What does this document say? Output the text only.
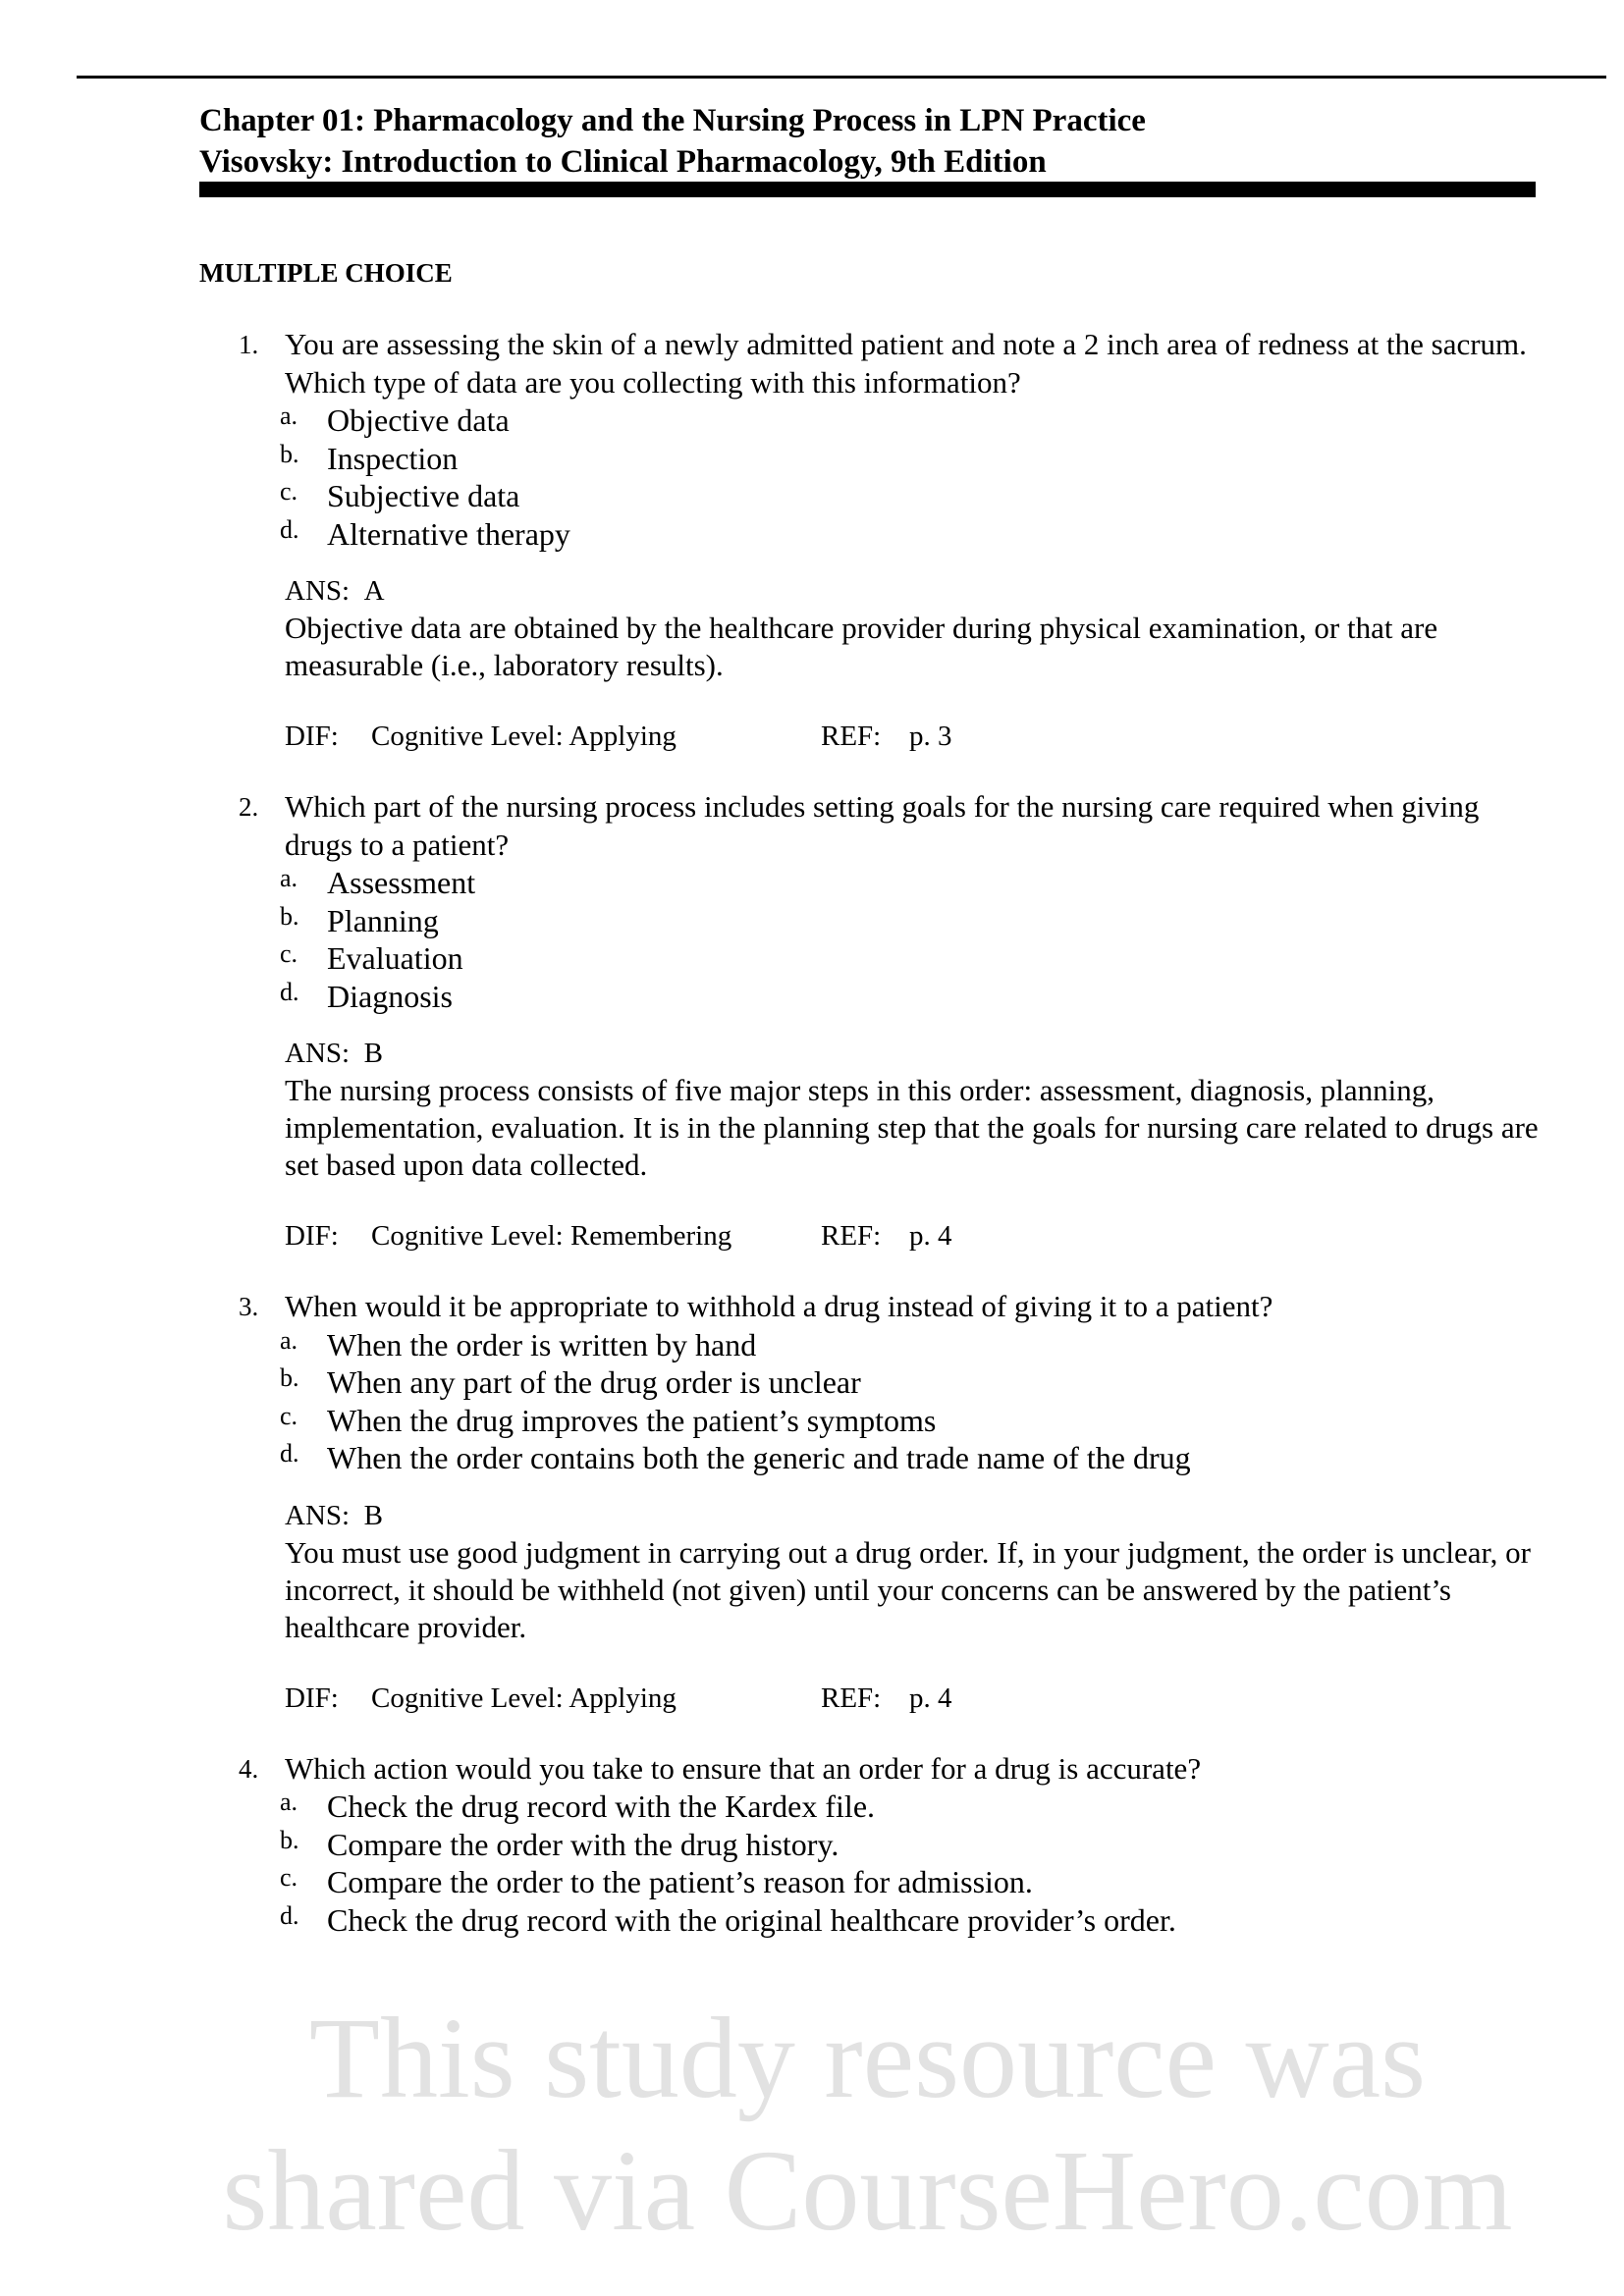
Chapter 01: Pharmacology and the Nursing Process in LPN Practice
Visovsky: Introduction to Clinical Pharmacology, 9th Edition
MULTIPLE CHOICE
1. You are assessing the skin of a newly admitted patient and note a 2 inch area of redness at the sacrum. Which type of data are you collecting with this information?
a. Objective data
b. Inspection
c. Subjective data
d. Alternative therapy
ANS: A
Objective data are obtained by the healthcare provider during physical examination, or that are measurable (i.e., laboratory results).
DIF: Cognitive Level: Applying	REF: p. 3
2. Which part of the nursing process includes setting goals for the nursing care required when giving drugs to a patient?
a. Assessment
b. Planning
c. Evaluation
d. Diagnosis
ANS: B
The nursing process consists of five major steps in this order: assessment, diagnosis, planning, implementation, evaluation. It is in the planning step that the goals for nursing care related to drugs are set based upon data collected.
DIF: Cognitive Level: Remembering	REF: p. 4
3. When would it be appropriate to withhold a drug instead of giving it to a patient?
a. When the order is written by hand
b. When any part of the drug order is unclear
c. When the drug improves the patient’s symptoms
d. When the order contains both the generic and trade name of the drug
ANS: B
You must use good judgment in carrying out a drug order. If, in your judgment, the order is unclear, or incorrect, it should be withheld (not given) until your concerns can be answered by the patient’s healthcare provider.
DIF: Cognitive Level: Applying	REF: p. 4
4. Which action would you take to ensure that an order for a drug is accurate?
a. Check the drug record with the Kardex file.
b. Compare the order with the drug history.
c. Compare the order to the patient’s reason for admission.
d. Check the drug record with the original healthcare provider’s order.
This study resource was
shared via CourseHero.com
